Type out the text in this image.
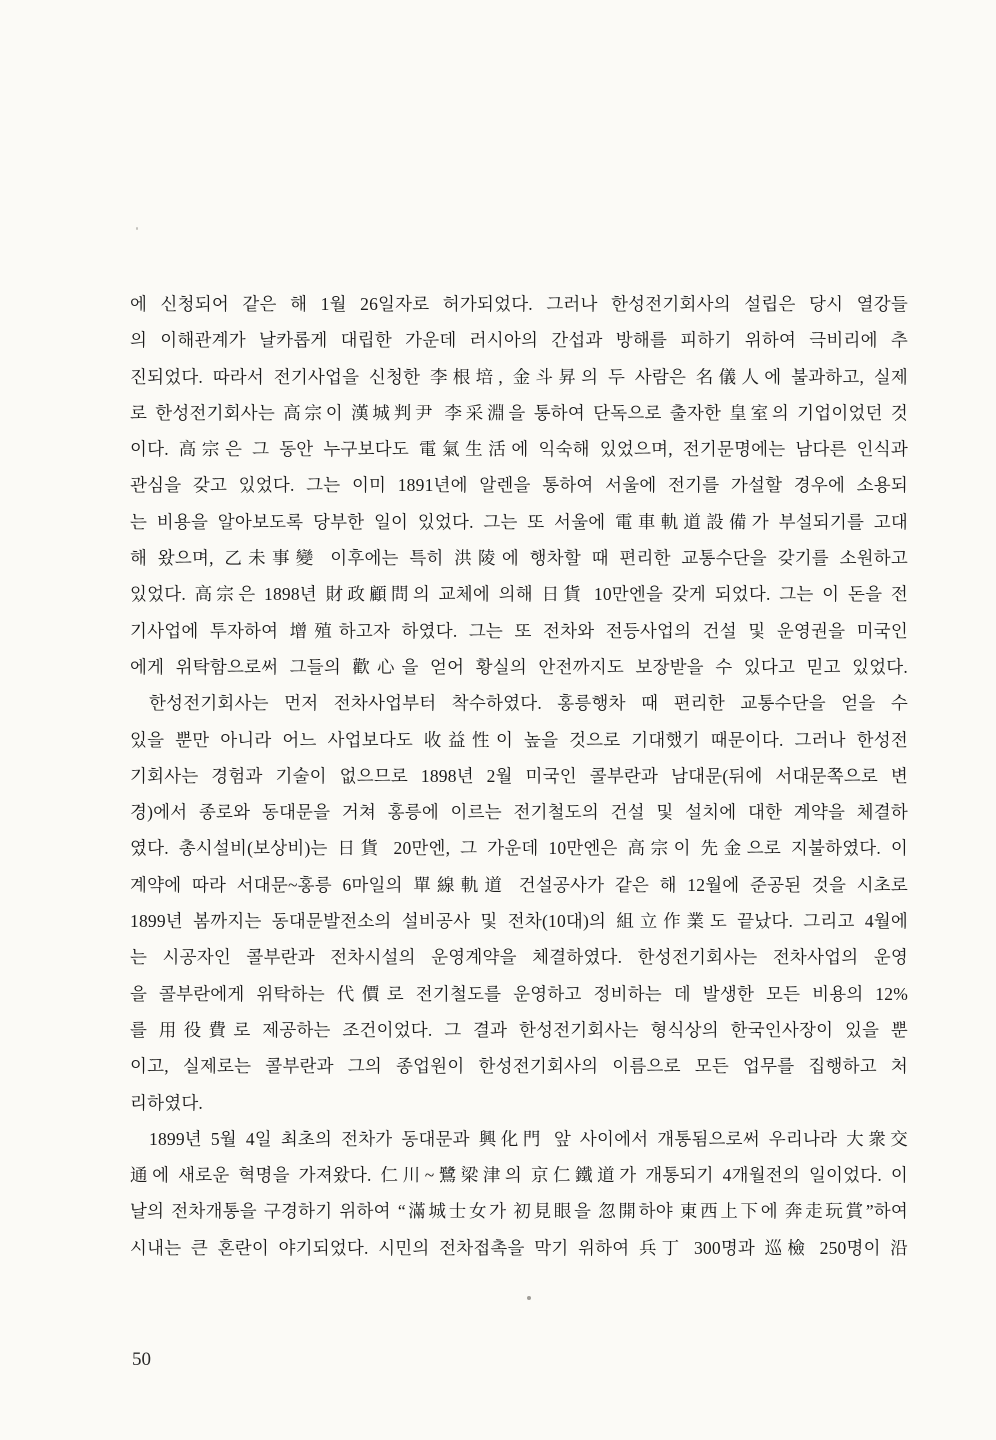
에 신청되어 같은 해 1월 26일자로 허가되었다. 그러나 한성전기회사의 설립은 당시 열강들
의 이해관계가 날카롭게 대립한 가운데 러시아의 간섭과 방해를 피하기 위하여 극비리에 추
진되었다. 따라서 전기사업을 신청한 李根培, 金斗昇의 두 사람은 名儀人에 불과하고, 실제
로 한성전기회사는 高宗이 漢城判尹 李采淵을 통하여 단독으로 출자한 皇室의 기업이었던 것
이다. 高宗은 그 동안 누구보다도 電氣生活에 익숙해 있었으며, 전기문명에는 남다른 인식과
관심을 갖고 있었다. 그는 이미 1891년에 알렌을 통하여 서울에 전기를 가설할 경우에 소용되
는 비용을 알아보도록 당부한 일이 있었다. 그는 또 서울에 電車軌道設備가 부설되기를 고대
해 왔으며, 乙未事變 이후에는 특히 洪陵에 행차할 때 편리한 교통수단을 갖기를 소원하고
있었다. 高宗은 1898년 財政顧問의 교체에 의해 日貨 10만엔을 갖게 되었다. 그는 이 돈을 전
기사업에 투자하여 增殖하고자 하였다. 그는 또 전차와 전등사업의 건설 및 운영권을 미국인
에게 위탁함으로써 그들의 歡心을 얻어 황실의 안전까지도 보장받을 수 있다고 믿고 있었다.
한성전기회사는 먼저 전차사업부터 착수하였다. 홍릉행차 때 편리한 교통수단을 얻을 수
있을 뿐만 아니라 어느 사업보다도 收益性이 높을 것으로 기대했기 때문이다. 그러나 한성전
기회사는 경험과 기술이 없으므로 1898년 2월 미국인 콜부란과 남대문(뒤에 서대문쪽으로 변
경)에서 종로와 동대문을 거쳐 홍릉에 이르는 전기철도의 건설 및 설치에 대한 계약을 체결하
였다. 총시설비(보상비)는 日貨 20만엔, 그 가운데 10만엔은 高宗이 先金으로 지불하였다. 이
계약에 따라 서대문~홍릉 6마일의 單線軌道 건설공사가 같은 해 12월에 준공된 것을 시초로
1899년 봄까지는 동대문발전소의 설비공사 및 전차(10대)의 組立作業도 끝났다. 그리고 4월에
는 시공자인 콜부란과 전차시설의 운영계약을 체결하였다. 한성전기회사는 전차사업의 운영
을 콜부란에게 위탁하는 代價로 전기철도를 운영하고 정비하는 데 발생한 모든 비용의 12%
를 用役費로 제공하는 조건이었다. 그 결과 한성전기회사는 형식상의 한국인사장이 있을 뿐
이고, 실제로는 콜부란과 그의 종업원이 한성전기회사의 이름으로 모든 업무를 집행하고 처
리하였다.
1899년 5월 4일 최초의 전차가 동대문과 興化門 앞 사이에서 개통됨으로써 우리나라 大衆交
通에 새로운 혁명을 가져왔다. 仁川~鷺梁津의 京仁鐵道가 개통되기 4개월전의 일이었다. 이
날의 전차개통을 구경하기 위하여 “滿城士女가 初見眼을 忽開하야 東西上下에 奔走玩賞”하여
시내는 큰 혼란이 야기되었다. 시민의 전차접촉을 막기 위하여 兵丁 300명과 巡檢 250명이 沿
50
